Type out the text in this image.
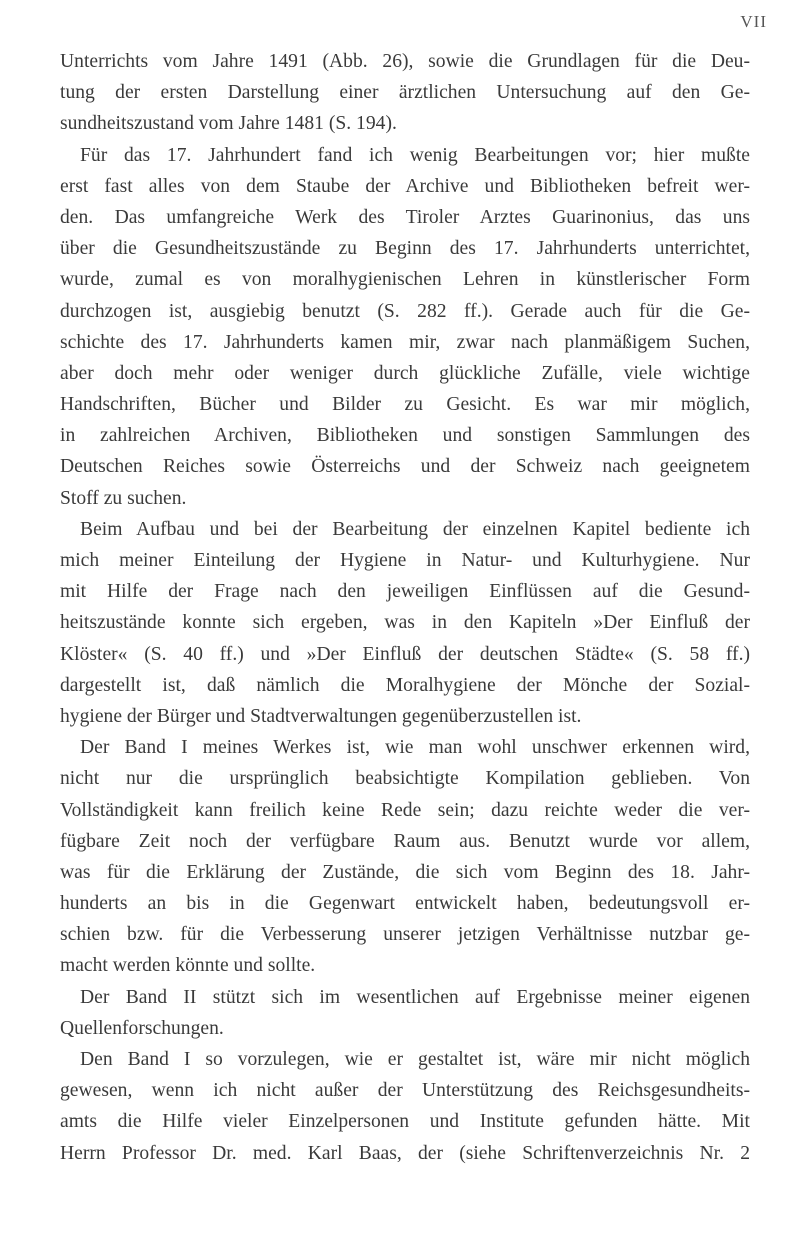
VII
Unterrichts vom Jahre 1491 (Abb. 26), sowie die Grundlagen für die Deu-
tung der ersten Darstellung einer ärztlichen Untersuchung auf den Ge-
sundheitszustand vom Jahre 1481 (S. 194).
Für das 17. Jahrhundert fand ich wenig Bearbeitungen vor; hier mußte
erst fast alles von dem Staube der Archive und Bibliotheken befreit wer-
den. Das umfangreiche Werk des Tiroler Arztes Guarinonius, das uns
über die Gesundheitszustände zu Beginn des 17. Jahrhunderts unterrichtet,
wurde, zumal es von moralhygienischen Lehren in künstlerischer Form
durchzogen ist, ausgiebig benutzt (S. 282 ff.). Gerade auch für die Ge-
schichte des 17. Jahrhunderts kamen mir, zwar nach planmäßigem Suchen,
aber doch mehr oder weniger durch glückliche Zufälle, viele wichtige
Handschriften, Bücher und Bilder zu Gesicht. Es war mir möglich,
in zahlreichen Archiven, Bibliotheken und sonstigen Sammlungen des
Deutschen Reiches sowie Österreichs und der Schweiz nach geeignetem
Stoff zu suchen.
Beim Aufbau und bei der Bearbeitung der einzelnen Kapitel bediente ich
mich meiner Einteilung der Hygiene in Natur- und Kulturhygiene. Nur
mit Hilfe der Frage nach den jeweiligen Einflüssen auf die Gesund-
heitszustände konnte sich ergeben, was in den Kapiteln »Der Einfluß der
Klöster« (S. 40 ff.) und »Der Einfluß der deutschen Städte« (S. 58 ff.)
dargestellt ist, daß nämlich die Moralhygiene der Mönche der Sozial-
hygiene der Bürger und Stadtverwaltungen gegenüberzustellen ist.
Der Band I meines Werkes ist, wie man wohl unschwer erkennen wird,
nicht nur die ursprünglich beabsichtigte Kompilation geblieben. Von
Vollständigkeit kann freilich keine Rede sein; dazu reichte weder die ver-
fügbare Zeit noch der verfügbare Raum aus. Benutzt wurde vor allem,
was für die Erklärung der Zustände, die sich vom Beginn des 18. Jahr-
hunderts an bis in die Gegenwart entwickelt haben, bedeutungsvoll er-
schien bzw. für die Verbesserung unserer jetzigen Verhältnisse nutzbar ge-
macht werden könnte und sollte.
Der Band II stützt sich im wesentlichen auf Ergebnisse meiner eigenen
Quellenforschungen.
Den Band I so vorzulegen, wie er gestaltet ist, wäre mir nicht möglich
gewesen, wenn ich nicht außer der Unterstützung des Reichsgesundheits-
amts die Hilfe vieler Einzelpersonen und Institute gefunden hätte. Mit
Herrn Professor Dr. med. Karl Baas, der (siehe Schriftenverzeichnis Nr. 2
